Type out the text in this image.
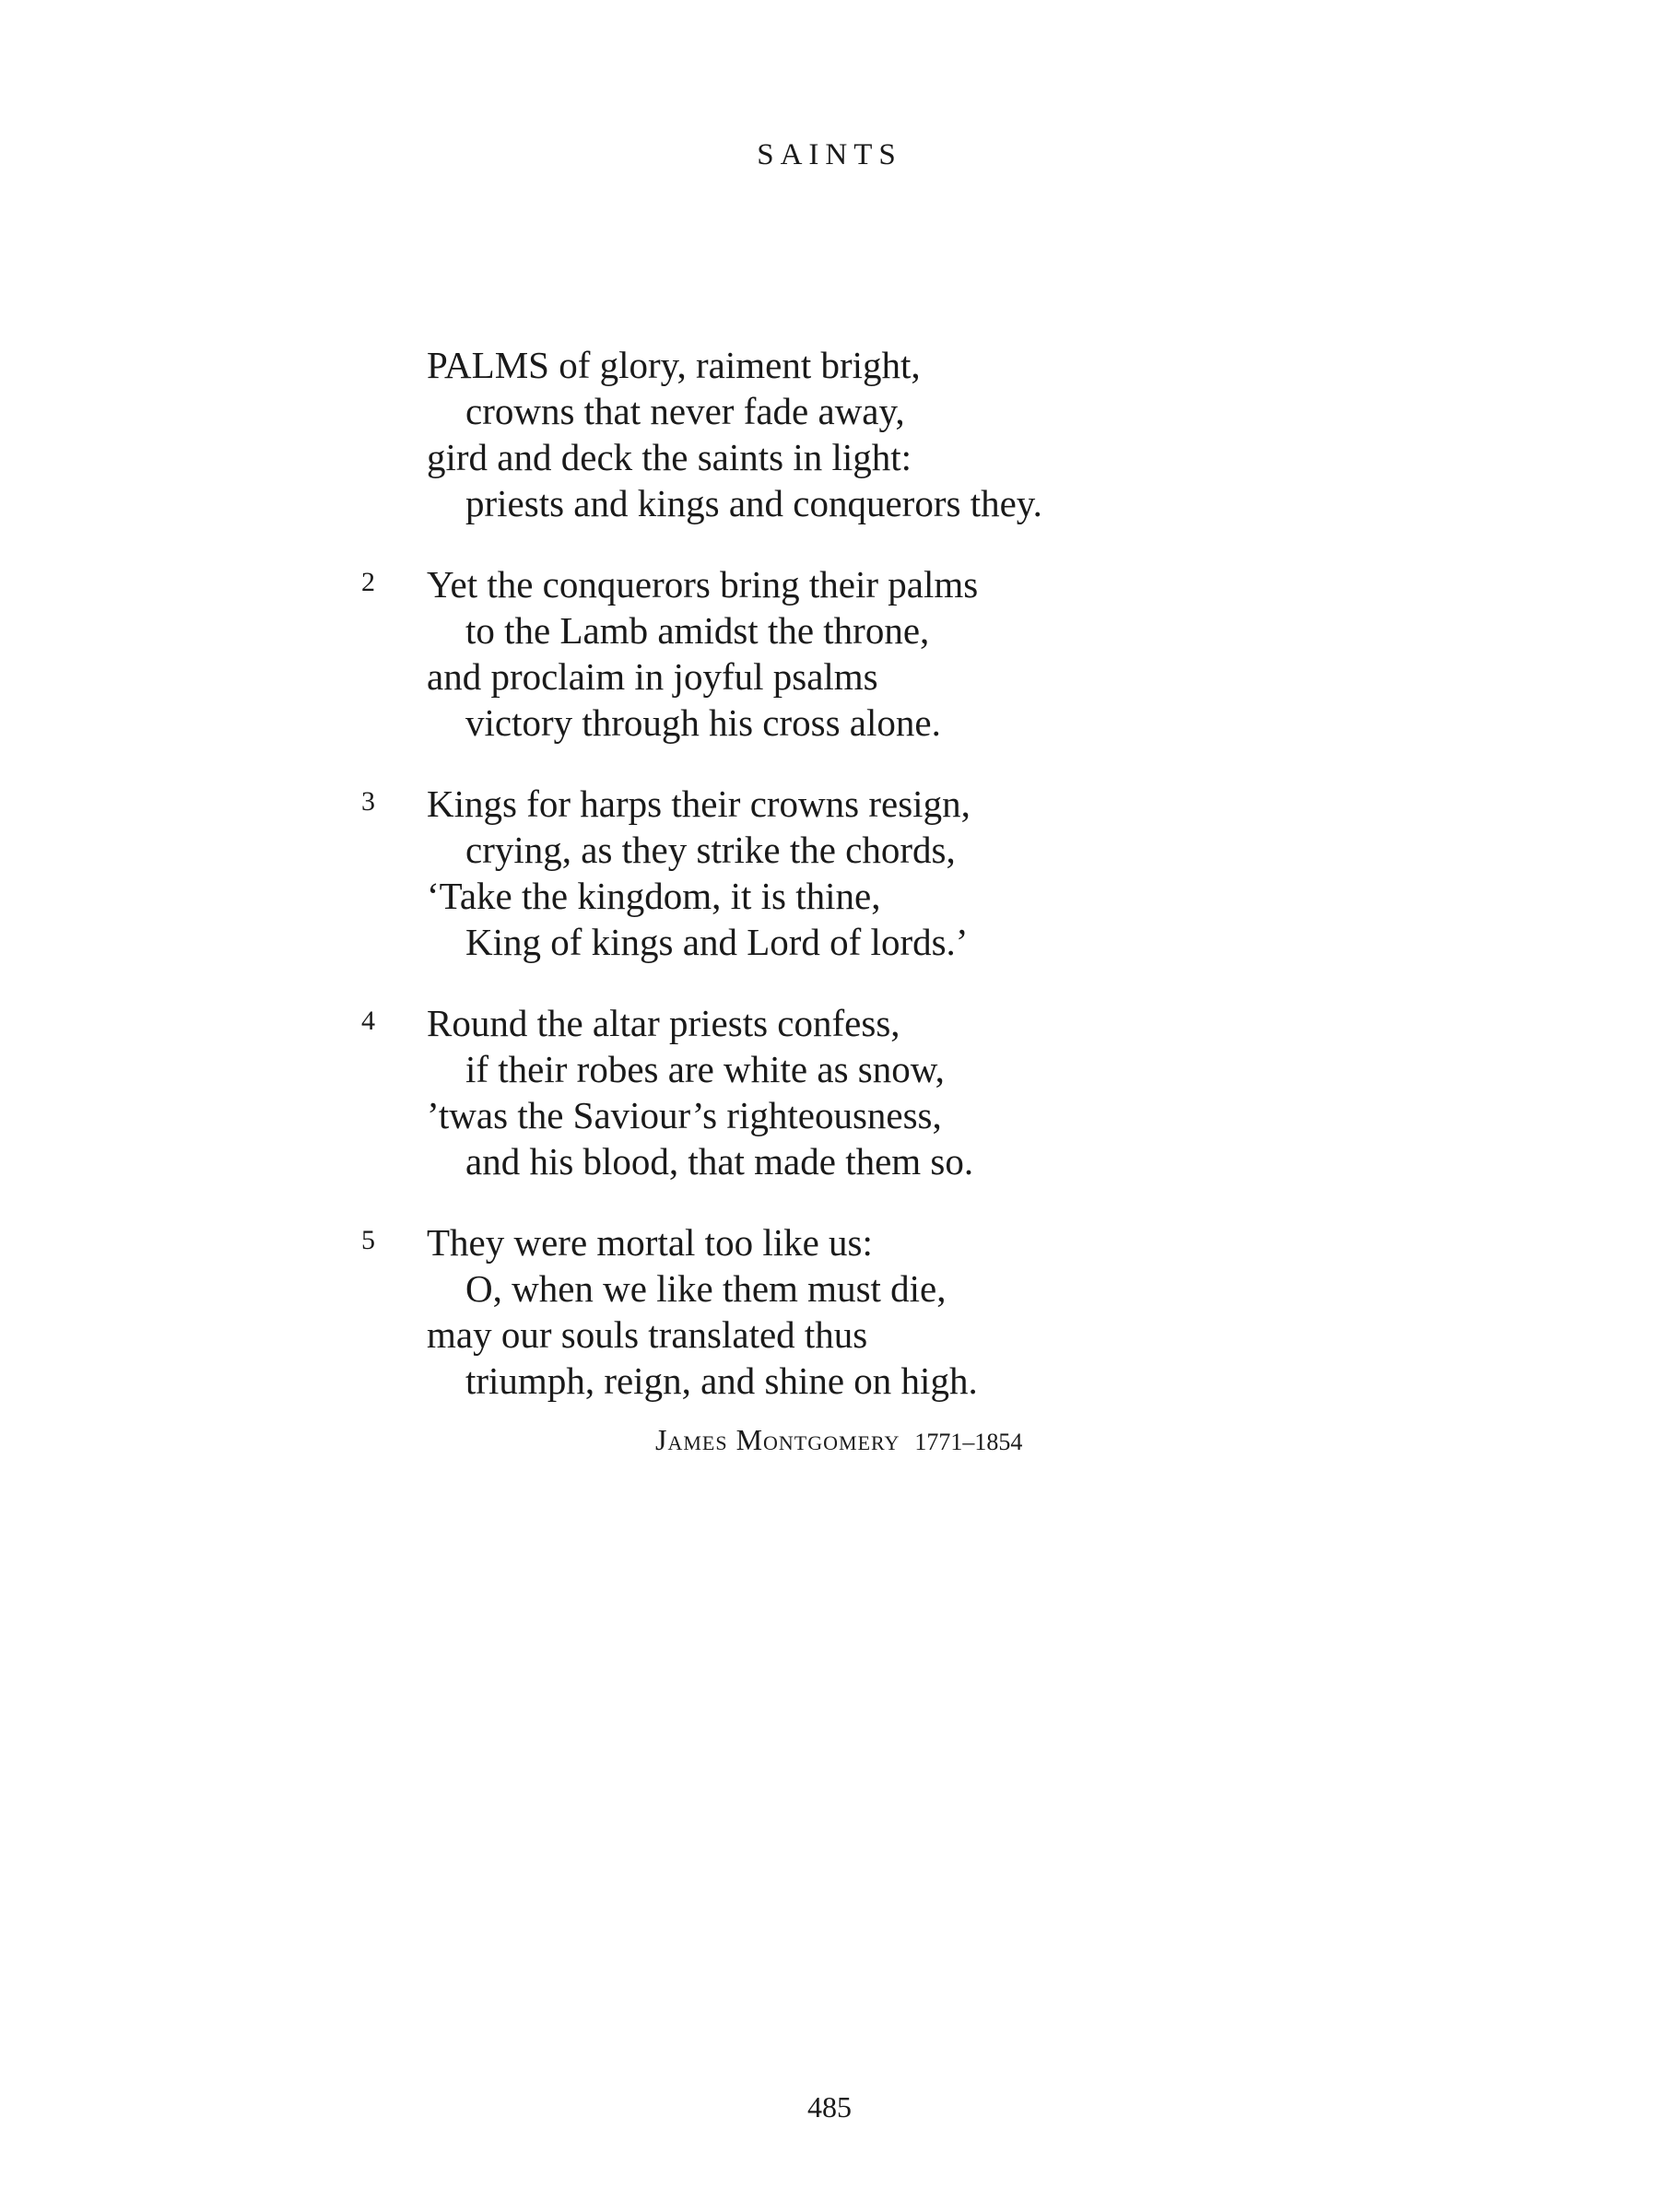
SAINTS
PALMS of glory, raiment bright,
crowns that never fade away,
gird and deck the saints in light:
priests and kings and conquerors they.
2	Yet the conquerors bring their palms
to the Lamb amidst the throne,
and proclaim in joyful psalms
victory through his cross alone.
3	Kings for harps their crowns resign,
crying, as they strike the chords,
‘Take the kingdom, it is thine,
King of kings and Lord of lords.’
4	Round the altar priests confess,
if their robes are white as snow,
’twas the Saviour’s righteousness,
and his blood, that made them so.
5	They were mortal too like us:
O, when we like them must die,
may our souls translated thus
triumph, reign, and shine on high.
James Montgomery 1771–1854
485
